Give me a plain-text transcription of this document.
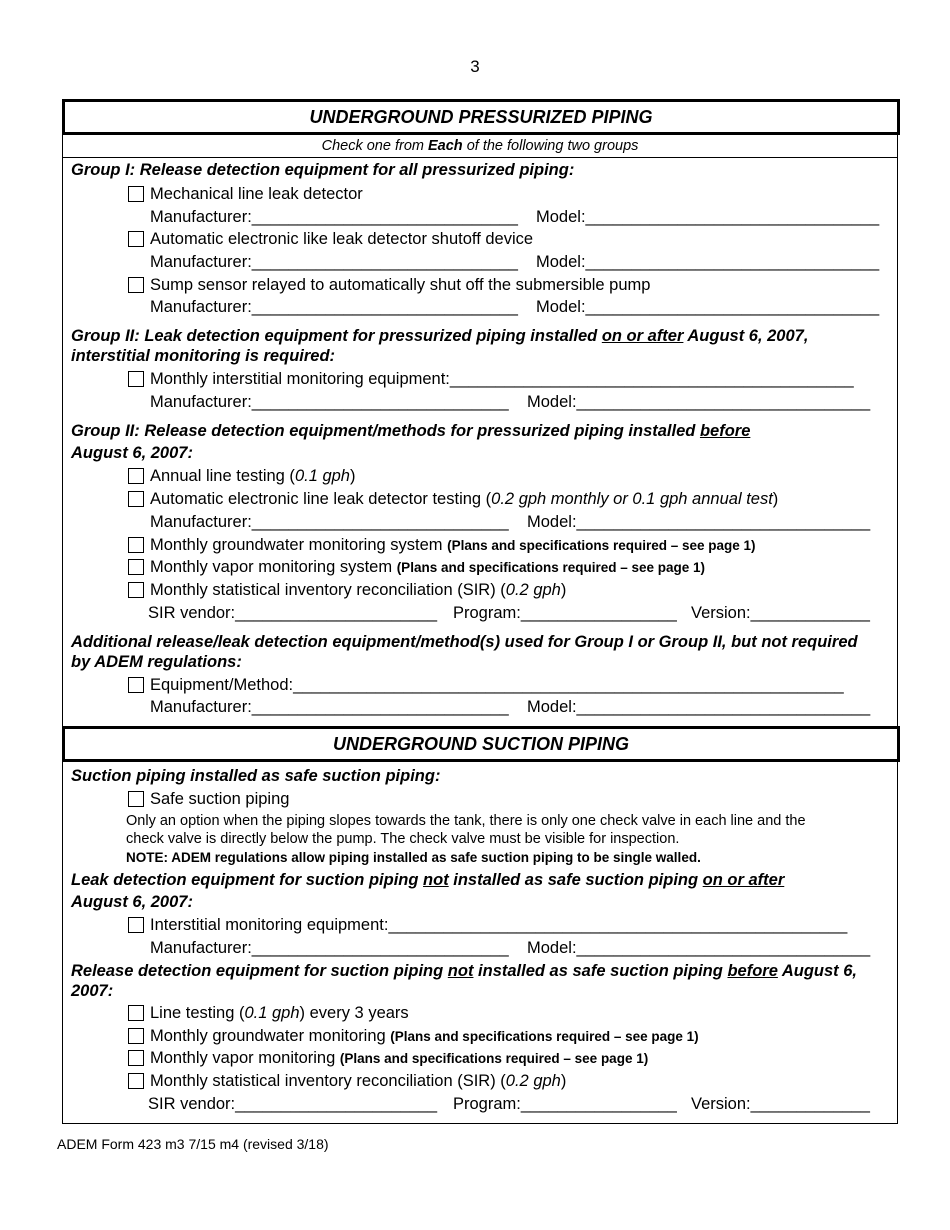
3
UNDERGROUND PRESSURIZED PIPING
Check one from Each of the following two groups
Group I: Release detection equipment for all pressurized piping:
Mechanical line leak detector
Manufacturer:_____________________________ Model:________________________________
Automatic electronic like leak detector shutoff device
Manufacturer:_____________________________ Model:________________________________
Sump sensor relayed to automatically shut off the submersible pump
Manufacturer:_____________________________ Model:________________________________
Group II: Leak detection equipment for pressurized piping installed on or after August 6, 2007,
interstitial monitoring is required:
Monthly interstitial monitoring equipment:____________________________________________
Manufacturer:____________________________ Model:________________________________
Group II: Release detection equipment/methods for pressurized piping installed before
August 6, 2007:
Annual line testing (0.1 gph)
Automatic electronic line leak detector testing (0.2 gph monthly or 0.1 gph annual test)
Manufacturer:____________________________ Model:________________________________
Monthly groundwater monitoring system (Plans and specifications required – see page 1)
Monthly vapor monitoring system (Plans and specifications required – see page 1)
Monthly statistical inventory reconciliation (SIR) (0.2 gph)
SIR vendor:______________________ Program:_________________ Version:_____________
Additional release/leak detection equipment/method(s) used for Group I or Group II, but not required
by ADEM regulations:
Equipment/Method:____________________________________________________________
Manufacturer:____________________________ Model:________________________________
UNDERGROUND SUCTION PIPING
Suction piping installed as safe suction piping:
Safe suction piping
Only an option when the piping slopes towards the tank, there is only one check valve in each line and the
check valve is directly below the pump. The check valve must be visible for inspection.
NOTE: ADEM regulations allow piping installed as safe suction piping to be single walled.
Leak detection equipment for suction piping not installed as safe suction piping on or after
August 6, 2007:
Interstitial monitoring equipment:__________________________________________________
Manufacturer:____________________________ Model:________________________________
Release detection equipment for suction piping not installed as safe suction piping before August 6,
2007:
Line testing (0.1 gph) every 3 years
Monthly groundwater monitoring (Plans and specifications required – see page 1)
Monthly vapor monitoring (Plans and specifications required – see page 1)
Monthly statistical inventory reconciliation (SIR) (0.2 gph)
SIR vendor:______________________ Program:_________________ Version:_____________
ADEM Form 423 m3 7/15 m4 (revised 3/18)
